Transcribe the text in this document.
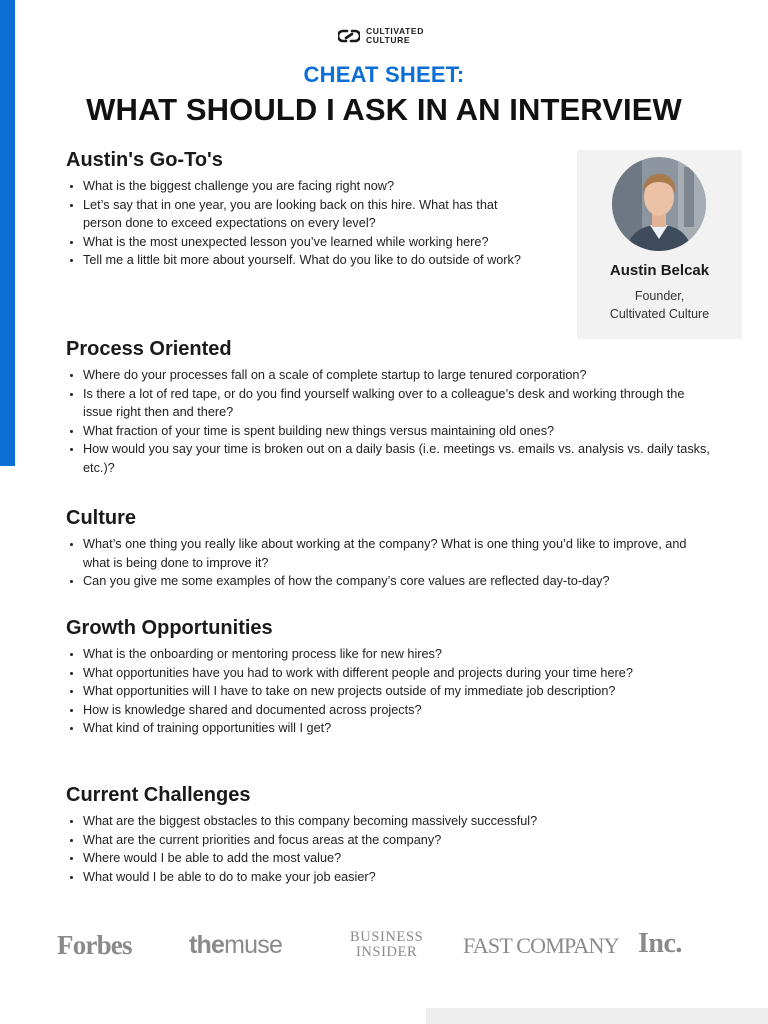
CULTIVATED
CULTURE
CHEAT SHEET:
WHAT SHOULD I ASK IN AN INTERVIEW
Austin's Go-To's
• What is the biggest challenge you are facing right now?
• Let’s say that in one year, you are looking back on this hire. What has that person done to exceed expectations on every level?
• What is the most unexpected lesson you’ve learned while working here?
• Tell me a little bit more about yourself. What do you like to do outside of work?
Austin Belcak
Founder,
Cultivated Culture
Process Oriented
• Where do your processes fall on a scale of complete startup to large tenured corporation?
• Is there a lot of red tape, or do you find yourself walking over to a colleague’s desk and working through the issue right then and there?
• What fraction of your time is spent building new things versus maintaining old ones?
• How would you say your time is broken out on a daily basis (i.e. meetings vs. emails vs. analysis vs. daily tasks, etc.)?
Culture
• What’s one thing you really like about working at the company? What is one thing you’d like to improve, and what is being done to improve it?
• Can you give me some examples of how the company’s core values are reflected day-to-day?
Growth Opportunities
• What is the onboarding or mentoring process like for new hires?
• What opportunities have you had to work with different people and projects during your time here?
• What opportunities will I have to take on new projects outside of my immediate job description?
• How is knowledge shared and documented across projects?
• What kind of training opportunities will I get?
Current Challenges
• What are the biggest obstacles to this company becoming massively successful?
• What are the current priorities and focus areas at the company?
• Where would I be able to add the most value?
• What would I be able to do to make your job easier?
Forbes themuse	BUSINESS
INSIDER FAST COMPANY Inc.
